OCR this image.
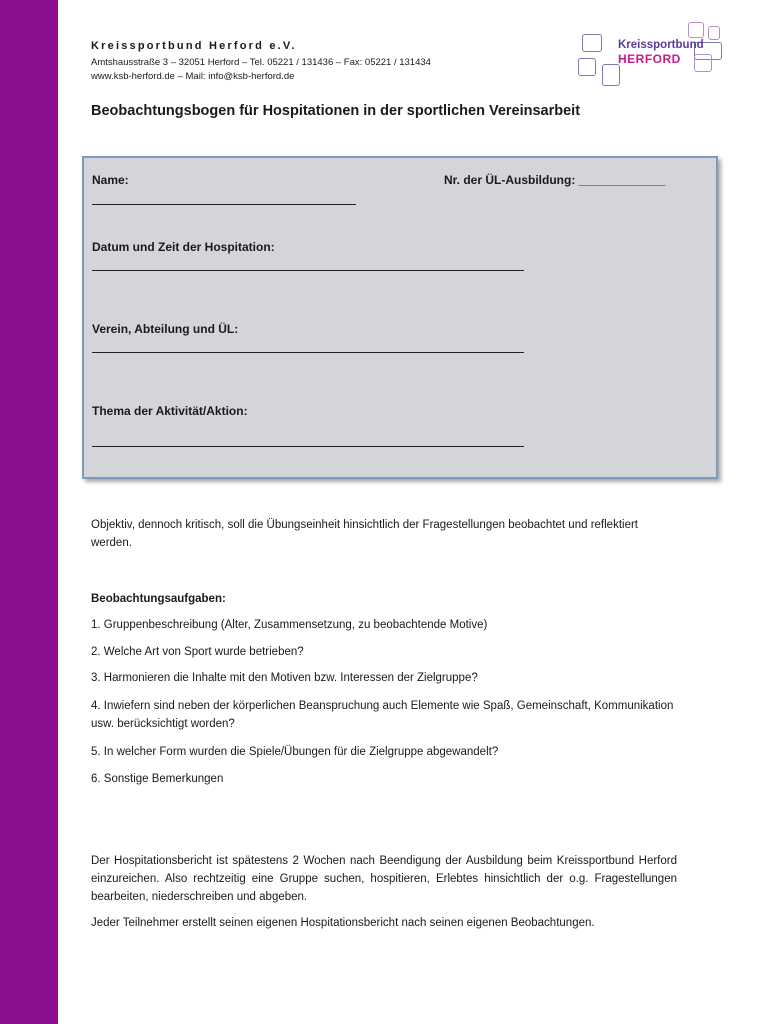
Kreissportbund Herford e.V.

Amtshausstraße 3 – 32051 Herford – Tel. 05221 / 131436 – Fax: 05221 / 131434

www.ksb-herford.de – Mail: info@ksb-herford.de

Kreissportbund
HERFORD
Beobachtungsbogen für Hospitationen in der sportlichen Vereinsarbeit
Name:	Nr. der ÜL-Ausbildung: _____________
Datum und Zeit der Hospitation:
Verein, Abteilung und ÜL:
Thema der Aktivität/Aktion:

Objektiv, dennoch kritisch, soll die Übungseinheit hinsichtlich der Fragestellungen beobachtet und reflektiert werden.

Beobachtungsaufgaben:

1. Gruppenbeschreibung (Alter, Zusammensetzung, zu beobachtende Motive)

2. Welche Art von Sport wurde betrieben?

3. Harmonieren die Inhalte mit den Motiven bzw. Interessen der Zielgruppe?

4. Inwiefern sind neben der körperlichen Beanspruchung auch Elemente wie Spaß, Gemeinschaft, Kommunikation usw. berücksichtigt worden?

5. In welcher Form wurden die Spiele/Übungen für die Zielgruppe abgewandelt?

6. Sonstige Bemerkungen

Der Hospitationsbericht ist spätestens 2 Wochen nach Beendigung der Ausbildung beim Kreissportbund Herford einzureichen. Also rechtzeitig eine Gruppe suchen, hospitieren, Erlebtes hinsichtlich der o.g. Fragestellungen bearbeiten, niederschreiben und abgeben.

Jeder Teilnehmer erstellt seinen eigenen Hospitationsbericht nach seinen eigenen Beobachtungen.
